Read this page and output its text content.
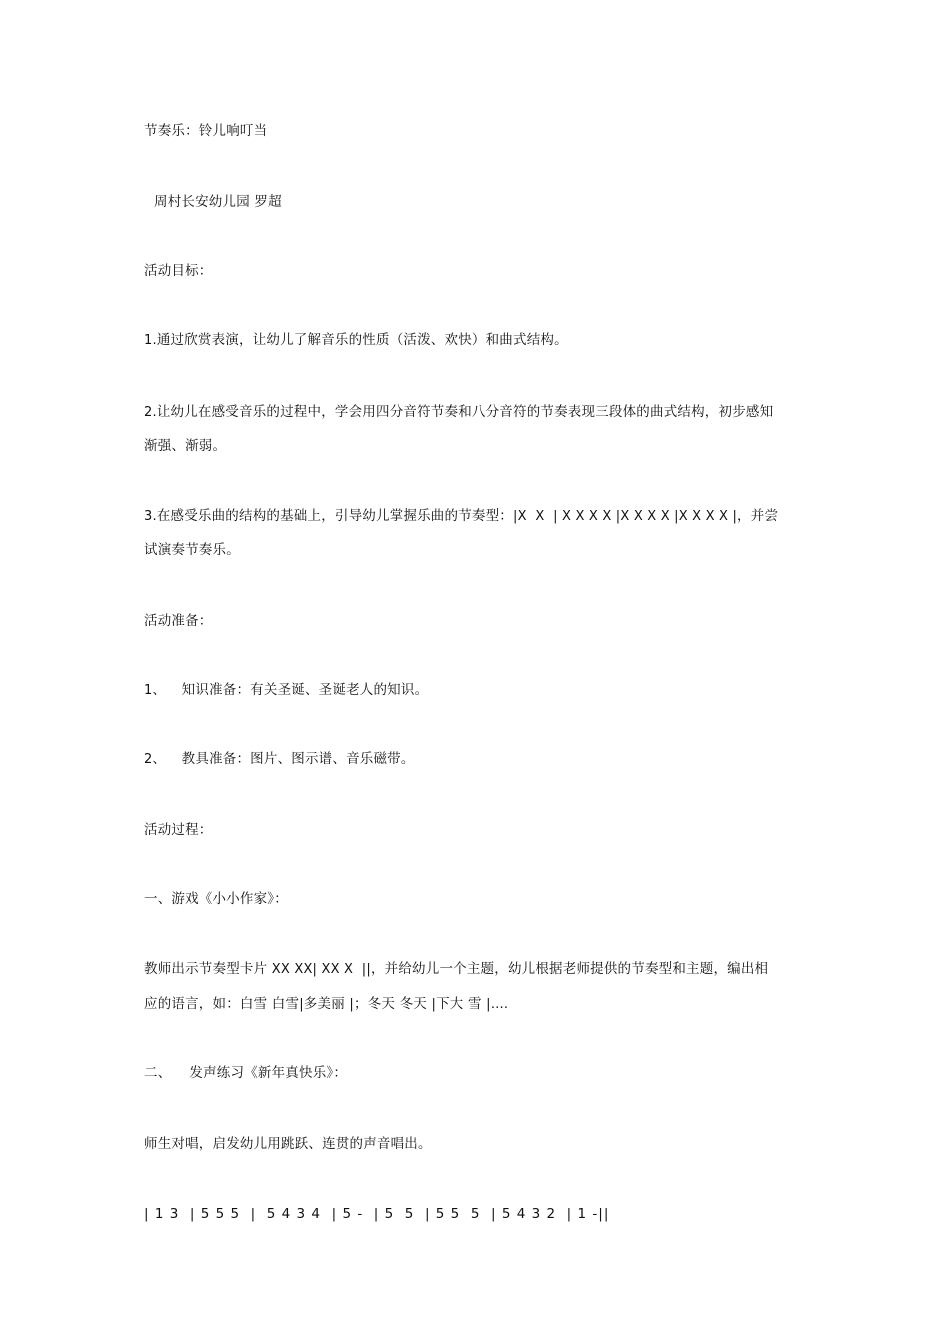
节奏乐：铃儿响叮当
周村长安幼儿园 罗超
活动目标：
1.通过欣赏表演，让幼儿了解音乐的性质（活泼、欢快）和曲式结构。
2.让幼儿在感受音乐的过程中，学会用四分音符节奏和八分音符的节奏表现三段体的曲式结构，初步感知
渐强、渐弱。
3.在感受乐曲的结构的基础上，引导幼儿掌握乐曲的节奏型：|X  X  | X X X X |X X X X |X X X X |，并尝
试演奏节奏乐。
活动准备：
1、 知识准备：有关圣诞、圣诞老人的知识。
2、 教具准备：图片、图示谱、音乐磁带。
活动过程：
一、游戏《小小作家》：
教师出示节奏型卡片 XX XX| XX X  ||，并给幼儿一个主题，幼儿根据老师提供的节奏型和主题，编出相
应的语言，如：白雪 白雪|多美丽 |；冬天 冬天 |下大 雪 |….
二、 发声练习《新年真快乐》：
师生对唱，启发幼儿用跳跃、连贯的声音唱出。
| 1 3  | 5 5 5  |  5 4 3 4  | 5 -  | 5  5  | 5 5  5  | 5 4 3 2  | 1 -||
